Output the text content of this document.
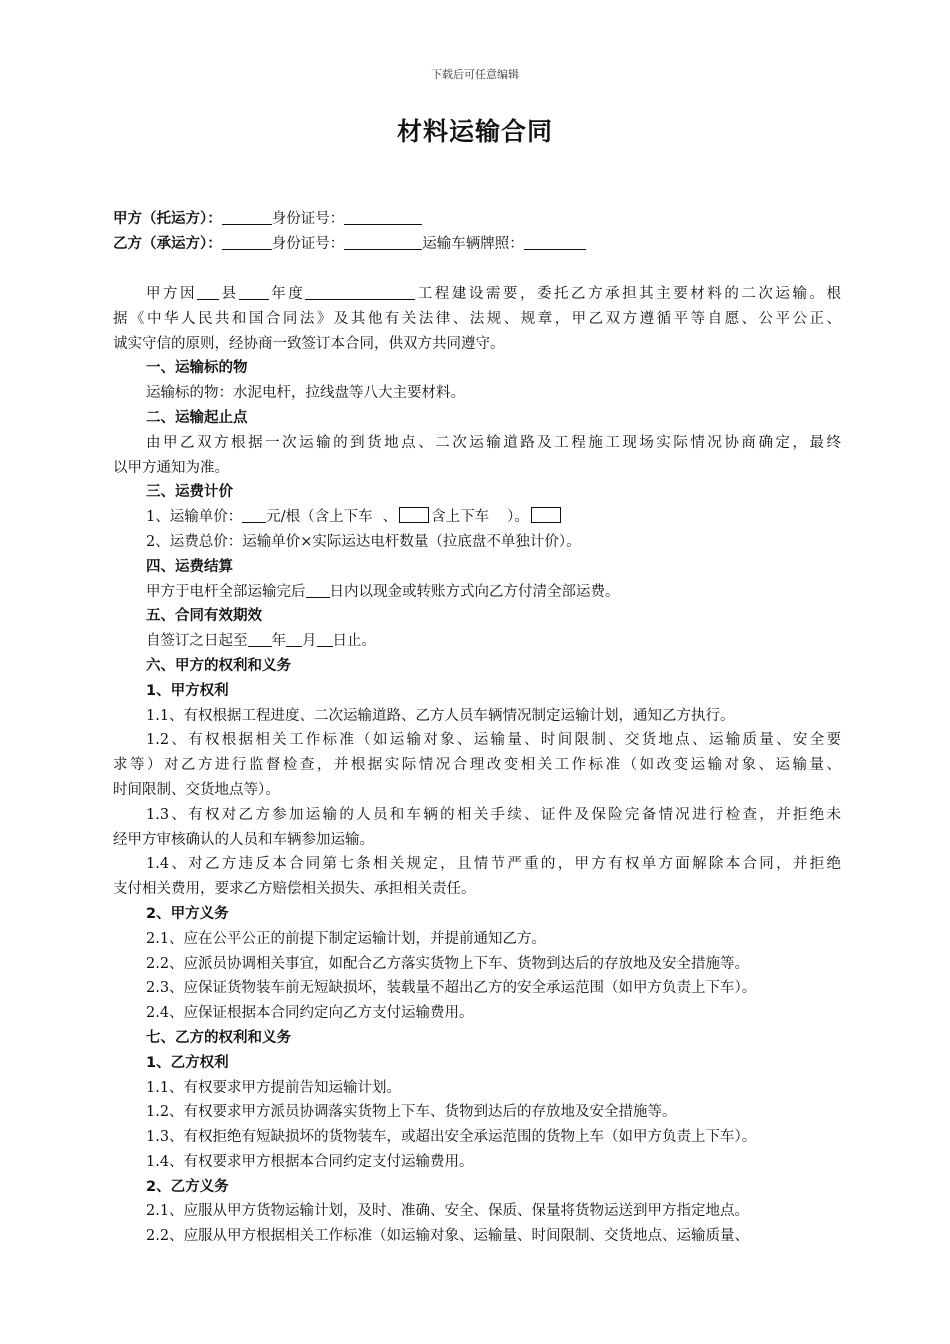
下载后可任意编辑
材料运输合同
甲方（托运方）：	身份证号：
乙方（承运方）：	身份证号：	运输车辆牌照：
甲方因 县 年度	工程建设需要，委托乙方承担其主要材料的二次运输。根
据《中华人民共和国合同法》及其他有关法律、法规、规章，甲乙双方遵循平等自愿、公平公正、
诚实守信的原则，经协商一致签订本合同，供双方共同遵守。
一、运输标的物
运输标的物：水泥电杆，拉线盘等八大主要材料。
二、运输起止点
由甲乙双方根据一次运输的到货地点、二次运输道路及工程施工现场实际情况协商确定，最终
以甲方通知为准。
三、运费计价
1、运输单价： 元/根（含上下车 、 含上下车 ）。
2、运费总价：运输单价×实际运达电杆数量（拉底盘不单独计价）。
四、运费结算
甲方于电杆全部运输完后 日内以现金或转账方式向乙方付清全部运费。
五、合同有效期效
自签订之日起至 年 月 日止。
六、甲方的权利和义务
1、甲方权利
1.1、有权根据工程进度、二次运输道路、乙方人员车辆情况制定运输计划，通知乙方执行。
1.2、有权根据相关工作标准（如运输对象、运输量、时间限制、交货地点、运输质量、安全要
求等）对乙方进行监督检查，并根据实际情况合理改变相关工作标准（如改变运输对象、运输量、
时间限制、交货地点等）。
1.3、有权对乙方参加运输的人员和车辆的相关手续、证件及保险完备情况进行检查，并拒绝未
经甲方审核确认的人员和车辆参加运输。
1.4、对乙方违反本合同第七条相关规定，且情节严重的，甲方有权单方面解除本合同，并拒绝
支付相关费用，要求乙方赔偿相关损失、承担相关责任。
2、甲方义务
2.1、应在公平公正的前提下制定运输计划，并提前通知乙方。
2.2、应派员协调相关事宜，如配合乙方落实货物上下车、货物到达后的存放地及安全措施等。
2.3、应保证货物装车前无短缺损坏，装载量不超出乙方的安全承运范围（如甲方负责上下车）。
2.4、应保证根据本合同约定向乙方支付运输费用。
七、乙方的权利和义务
1、乙方权利
1.1、有权要求甲方提前告知运输计划。
1.2、有权要求甲方派员协调落实货物上下车、货物到达后的存放地及安全措施等。
1.3、有权拒绝有短缺损坏的货物装车，或超出安全承运范围的货物上车（如甲方负责上下车）。
1.4、有权要求甲方根据本合同约定支付运输费用。
2、乙方义务
2.1、应服从甲方货物运输计划，及时、准确、安全、保质、保量将货物运送到甲方指定地点。
2.2、应服从甲方根据相关工作标准（如运输对象、运输量、时间限制、交货地点、运输质量、
